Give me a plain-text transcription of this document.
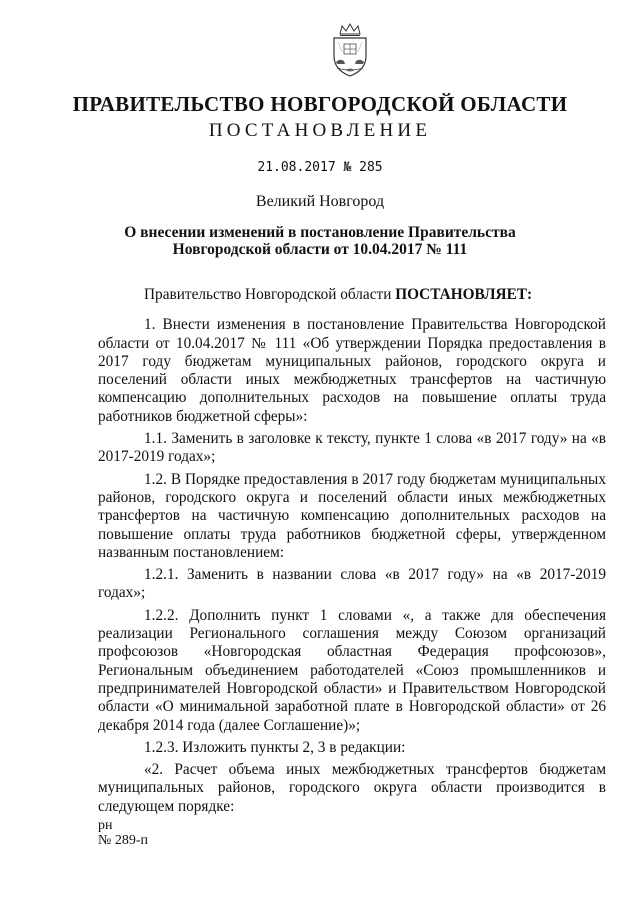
ПРАВИТЕЛЬСТВО НОВГОРОДСКОЙ ОБЛАСТИ
ПОСТАНОВЛЕНИЕ
21.08.2017 № 285
Великий Новгород
О внесении изменений в постановление Правительства Новгородской области от 10.04.2017 № 111

Правительство Новгородской области ПОСТАНОВЛЯЕТ:

1. Внести изменения в постановление Правительства Новгородской области от 10.04.2017 № 111 «Об утверждении Порядка предоставления в 2017 году бюджетам муниципальных районов, городского округа и поселений области иных межбюджетных трансфертов на частичную компенсацию дополнительных расходов на повышение оплаты труда работников бюджетной сферы»:

1.1. Заменить в заголовке к тексту, пункте 1 слова «в 2017 году» на «в 2017-2019 годах»;

1.2. В Порядке предоставления в 2017 году бюджетам муниципальных районов, городского округа и поселений области иных межбюджетных трансфертов на частичную компенсацию дополнительных расходов на повышение оплаты труда работников бюджетной сферы, утвержденном названным постановлением:

1.2.1. Заменить в названии слова «в 2017 году» на «в 2017-2019 годах»;

1.2.2. Дополнить пункт 1 словами «, а также для обеспечения реализации Регионального соглашения между Союзом организаций профсоюзов «Новгородская областная Федерация профсоюзов», Региональным объединением работодателей «Союз промышленников и предпринимателей Новгородской области» и Правительством Новгородской области «О минимальной заработной плате в Новгородской области» от 26 декабря 2014 года (далее Соглашение)»;

1.2.3. Изложить пункты 2, 3 в редакции:

«2. Расчет объема иных межбюджетных трансфертов бюджетам муниципальных районов, городского округа области производится в следующем порядке:

рн
№ 289-п
